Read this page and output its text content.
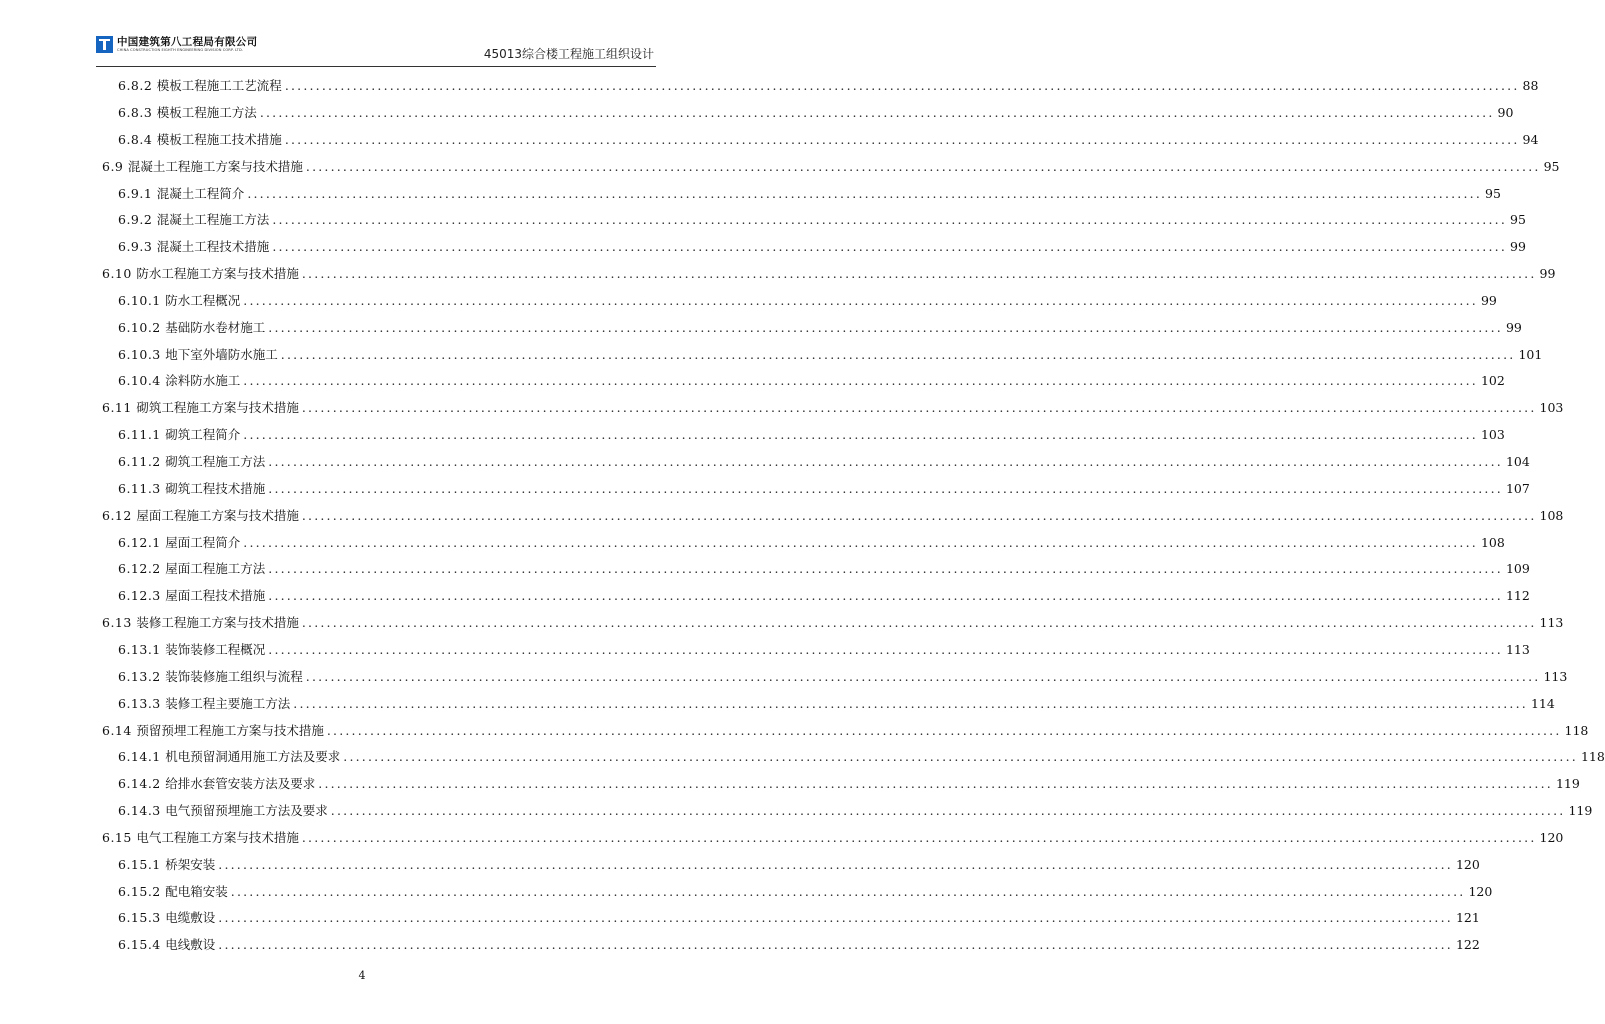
中国建筑第八工程局有限公司
CHINA CONSTRUCTION EIGHTH ENGINEERING DIVISION CORP. LTD.	45013综合楼工程施工组织设计
6.8.2
模板工程施工工艺流程 ........................................................................................................................................................................................................ 88
6.8.3
模板工程施工方法 ........................................................................................................................................................................................................ 90
6.8.4
模板工程施工技术措施 ........................................................................................................................................................................................................ 94
6.9
混凝土工程施工方案与技术措施 ........................................................................................................................................................................................................ 95
6.9.1
混凝土工程简介 ........................................................................................................................................................................................................ 95
6.9.2
混凝土工程施工方法 ........................................................................................................................................................................................................ 95
6.9.3
混凝土工程技术措施 ........................................................................................................................................................................................................ 99
6.10
防水工程施工方案与技术措施 ........................................................................................................................................................................................................ 99
6.10.1
防水工程概况 ........................................................................................................................................................................................................ 99
6.10.2
基础防水卷材施工 ........................................................................................................................................................................................................ 99
6.10.3
地下室外墙防水施工 ........................................................................................................................................................................................................ 101
6.10.4
涂料防水施工 ........................................................................................................................................................................................................ 102
6.11
砌筑工程施工方案与技术措施 ........................................................................................................................................................................................................ 103
6.11.1
砌筑工程简介 ........................................................................................................................................................................................................ 103
6.11.2
砌筑工程施工方法 ........................................................................................................................................................................................................ 104
6.11.3
砌筑工程技术措施 ........................................................................................................................................................................................................ 107
6.12
屋面工程施工方案与技术措施 ........................................................................................................................................................................................................ 108
6.12.1
屋面工程简介 ........................................................................................................................................................................................................ 108
6.12.2
屋面工程施工方法 ........................................................................................................................................................................................................ 109
6.12.3
屋面工程技术措施 ........................................................................................................................................................................................................ 112
6.13
装修工程施工方案与技术措施 ........................................................................................................................................................................................................ 113
6.13.1
装饰装修工程概况 ........................................................................................................................................................................................................ 113
6.13.2
装饰装修施工组织与流程 ........................................................................................................................................................................................................ 113
6.13.3
装修工程主要施工方法 ........................................................................................................................................................................................................ 114
6.14
预留预埋工程施工方案与技术措施 ........................................................................................................................................................................................................ 118
6.14.1
机电预留洞通用施工方法及要求 ........................................................................................................................................................................................................ 118
6.14.2
给排水套管安装方法及要求 ........................................................................................................................................................................................................ 119
6.14.3
电气预留预埋施工方法及要求 ........................................................................................................................................................................................................ 119
6.15
电气工程施工方案与技术措施 ........................................................................................................................................................................................................ 120
6.15.1
桥架安装 ........................................................................................................................................................................................................ 120
6.15.2
配电箱安装 ........................................................................................................................................................................................................ 120
6.15.3
电缆敷设 ........................................................................................................................................................................................................ 121
6.15.4
电线敷设 ........................................................................................................................................................................................................ 122
4
